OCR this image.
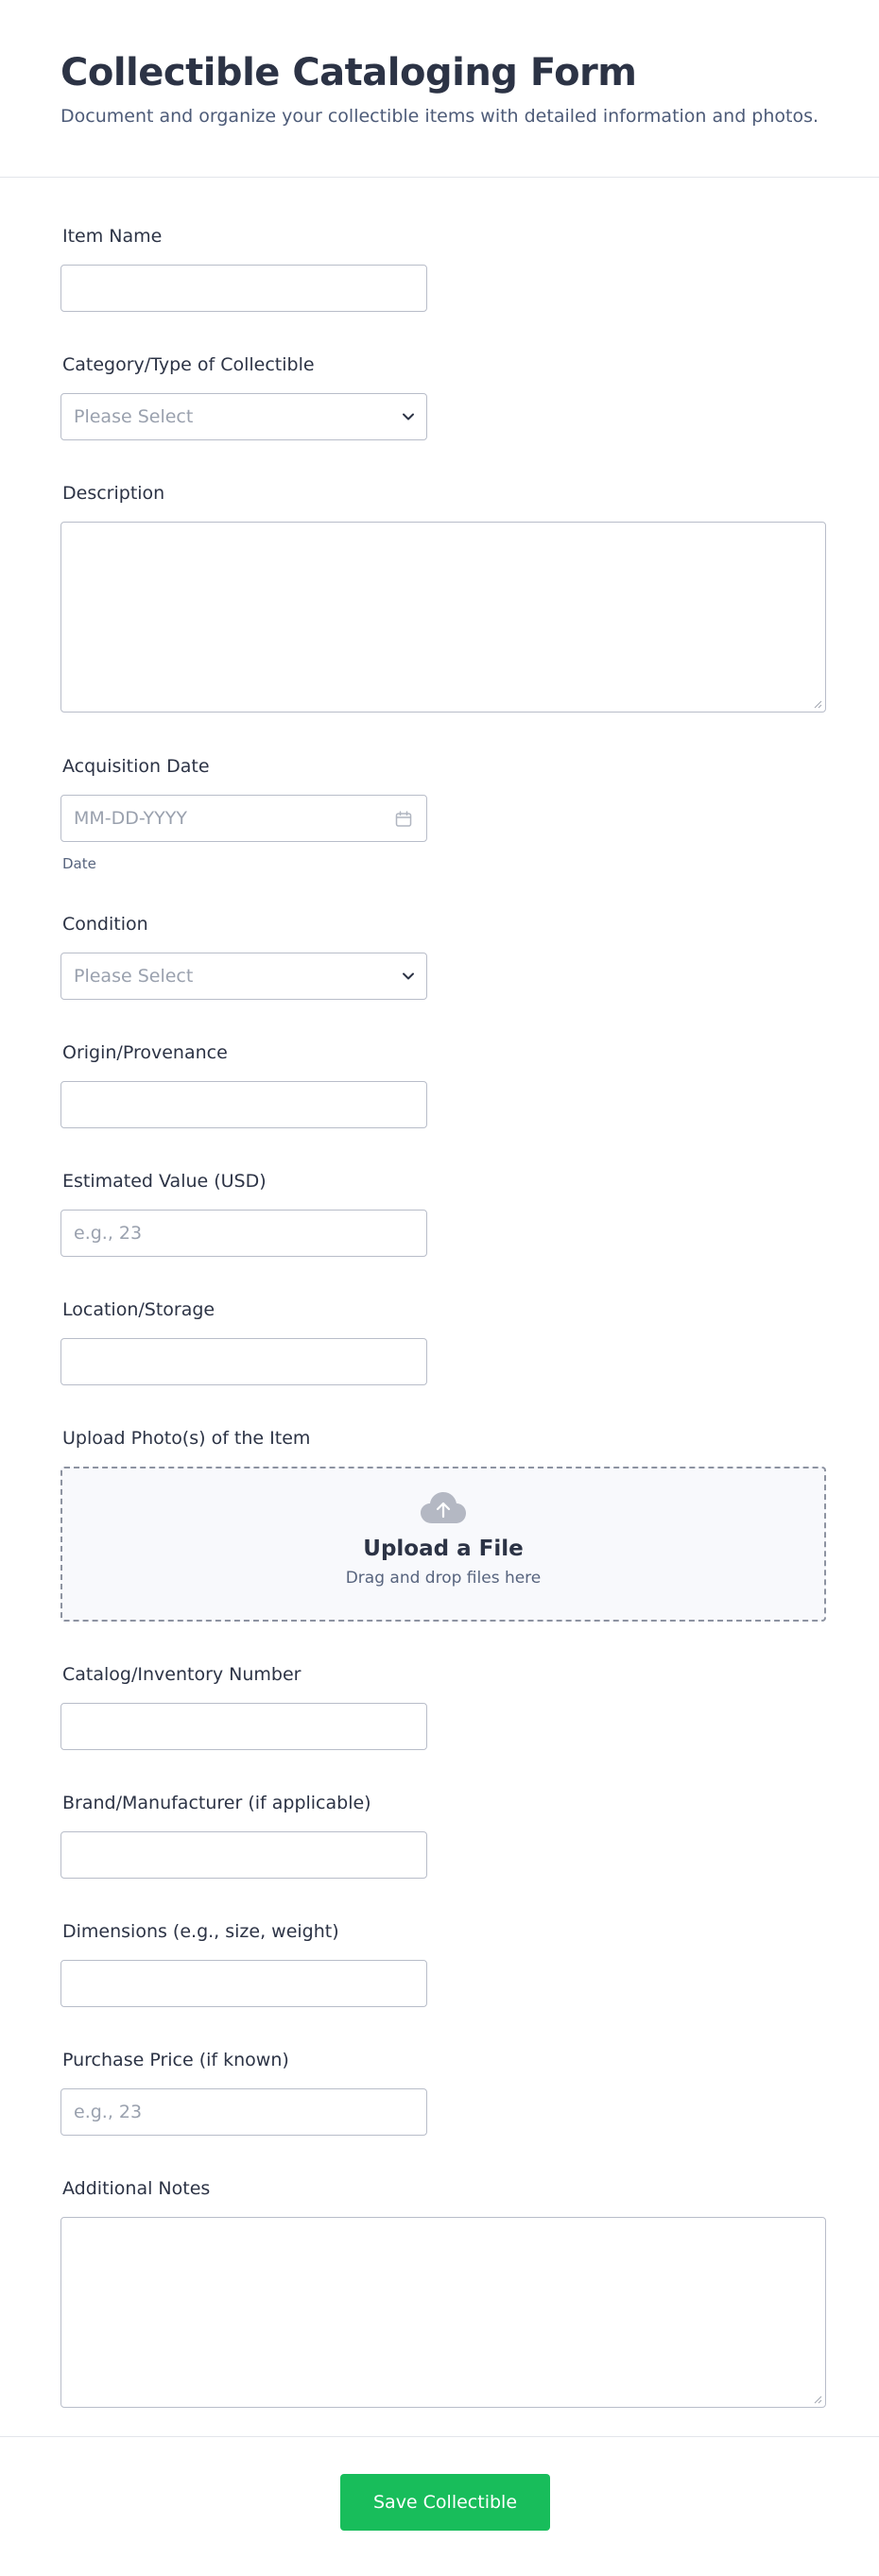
Collectible Cataloging Form

Document and organize your collectible items with detailed information and photos.

Item Name
Category/Type of Collectible
Please Select
Description
Acquisition Date
MM-DD-YYYY
Date
Condition
Please Select
Origin/Provenance
Estimated Value (USD)
e.g., 23
Location/Storage
Upload Photo(s) of the Item
Upload a File
Drag and drop files here
Catalog/Inventory Number
Brand/Manufacturer (if applicable)
Dimensions (e.g., size, weight)
Purchase Price (if known)
e.g., 23
Additional Notes
Save Collectible
